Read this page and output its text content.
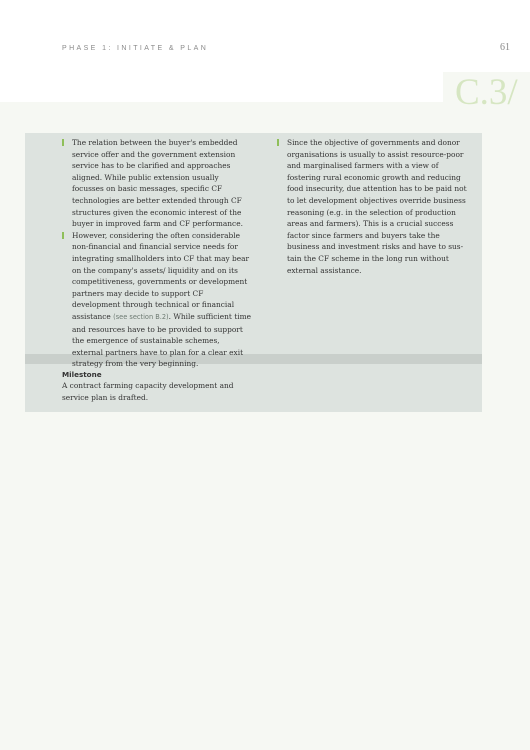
PHASE 1: INITIATE & PLAN	61
C.3/
The relation between the buyer's embedded service offer and the government extension service has to be clarified and approaches aligned. While public extension usually focusses on basic messages, specific CF technologies are better extended through CF structures given the economic interest of the buyer in improved farm and CF performance.
However, considering the often considerable non-financial and financial service needs for integrating smallholders into CF that may bear on the company's assets/ liquidity and on its competitiveness, governments or development partners may decide to support CF development through technical or financial assistance (see section B.2). While sufficient time and resources have to be provided to support the emergence of sustainable schemes, external partners have to plan for a clear exit strategy from the very beginning.
Since the objective of governments and donor organisations is usually to assist resource-poor and marginalised farmers with a view of fostering rural economic growth and reducing food insecurity, due attention has to be paid not to let development objectives override business reasoning (e.g. in the selection of production areas and farmers). This is a crucial success factor since farmers and buyers take the business and investment risks and have to sustain the CF scheme in the long run without external assistance.
Milestone
A contract farming capacity development and service plan is drafted.
